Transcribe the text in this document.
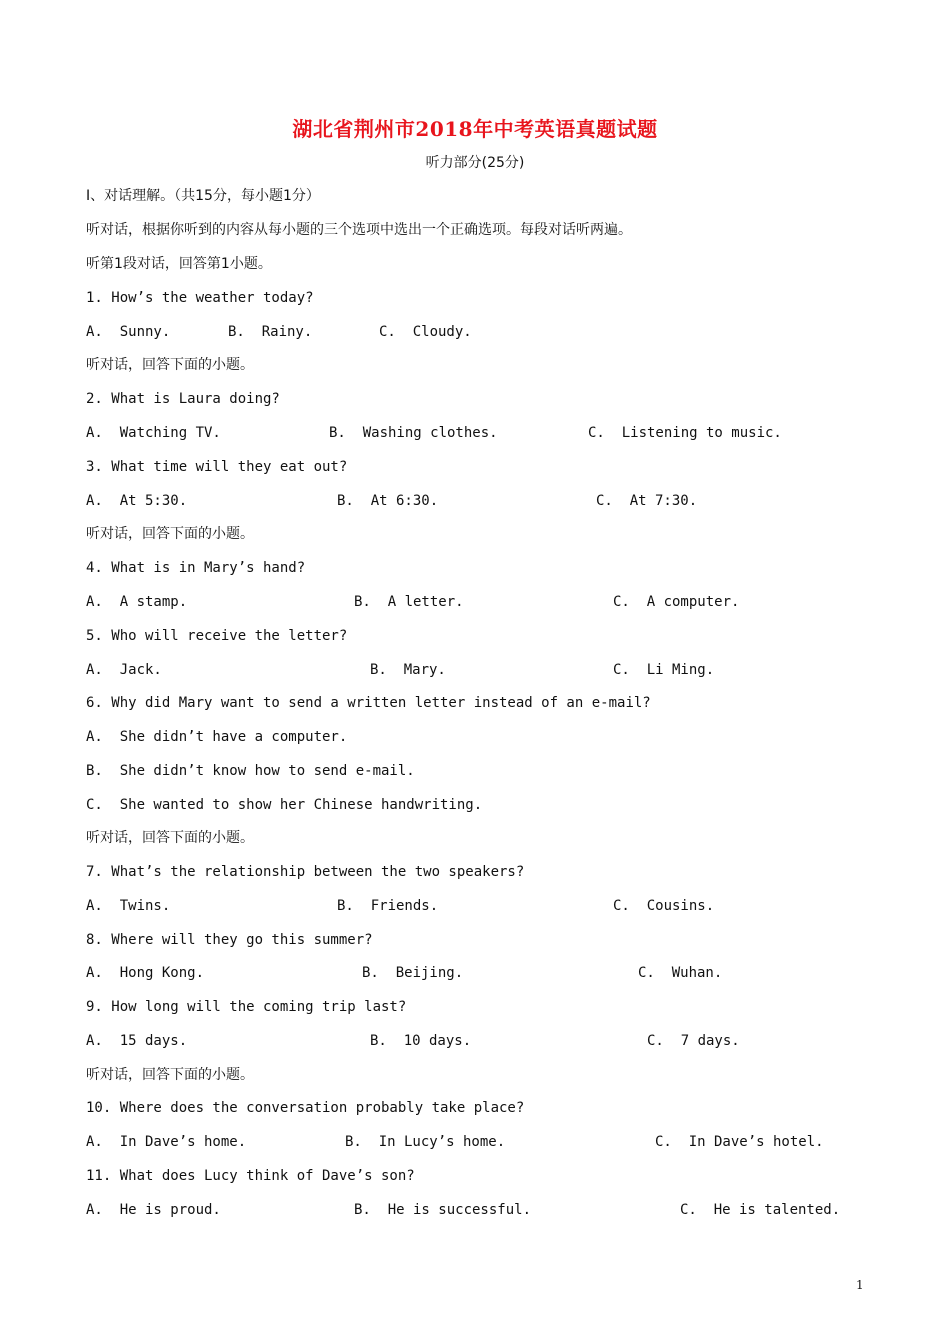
湖北省荆州市2018年中考英语真题试题
听力部分(25分)
I、对话理解。（共15分，每小题1分）
听对话，根据你听到的内容从每小题的三个选项中选出一个正确选项。每段对话听两遍。
听第1段对话，回答第1小题。
1. How’s the weather today?
A.  Sunny.	B.  Rainy.	C.  Cloudy.
听对话，回答下面的小题。
2. What is Laura doing?
A.  Watching TV.	B.  Washing clothes.	C.  Listening to music.
3. What time will they eat out?
A.  At 5:30.	B.  At 6:30.	C.  At 7:30.
听对话，回答下面的小题。
4. What is in Mary’s hand?
A.  A stamp.	B.  A letter.	C.  A computer.
5. Who will receive the letter?
A.  Jack.	B.  Mary.	C.  Li Ming.
6. Why did Mary want to send a written letter instead of an e-mail?
A.  She didn’t have a computer.
B.  She didn’t know how to send e-mail.
C.  She wanted to show her Chinese handwriting.
听对话，回答下面的小题。
7. What’s the relationship between the two speakers?
A.  Twins.	B.  Friends.	C.  Cousins.
8. Where will they go this summer?
A.  Hong Kong.	B.  Beijing.	C.  Wuhan.
9. How long will the coming trip last?
A.  15 days.	B.  10 days.	C.  7 days.
听对话，回答下面的小题。
10. Where does the conversation probably take place?
A.  In Dave’s home.	B.  In Lucy’s home.	C.  In Dave’s hotel.
11. What does Lucy think of Dave’s son?
A.  He is proud.	B.  He is successful.	C.  He is talented.
1
